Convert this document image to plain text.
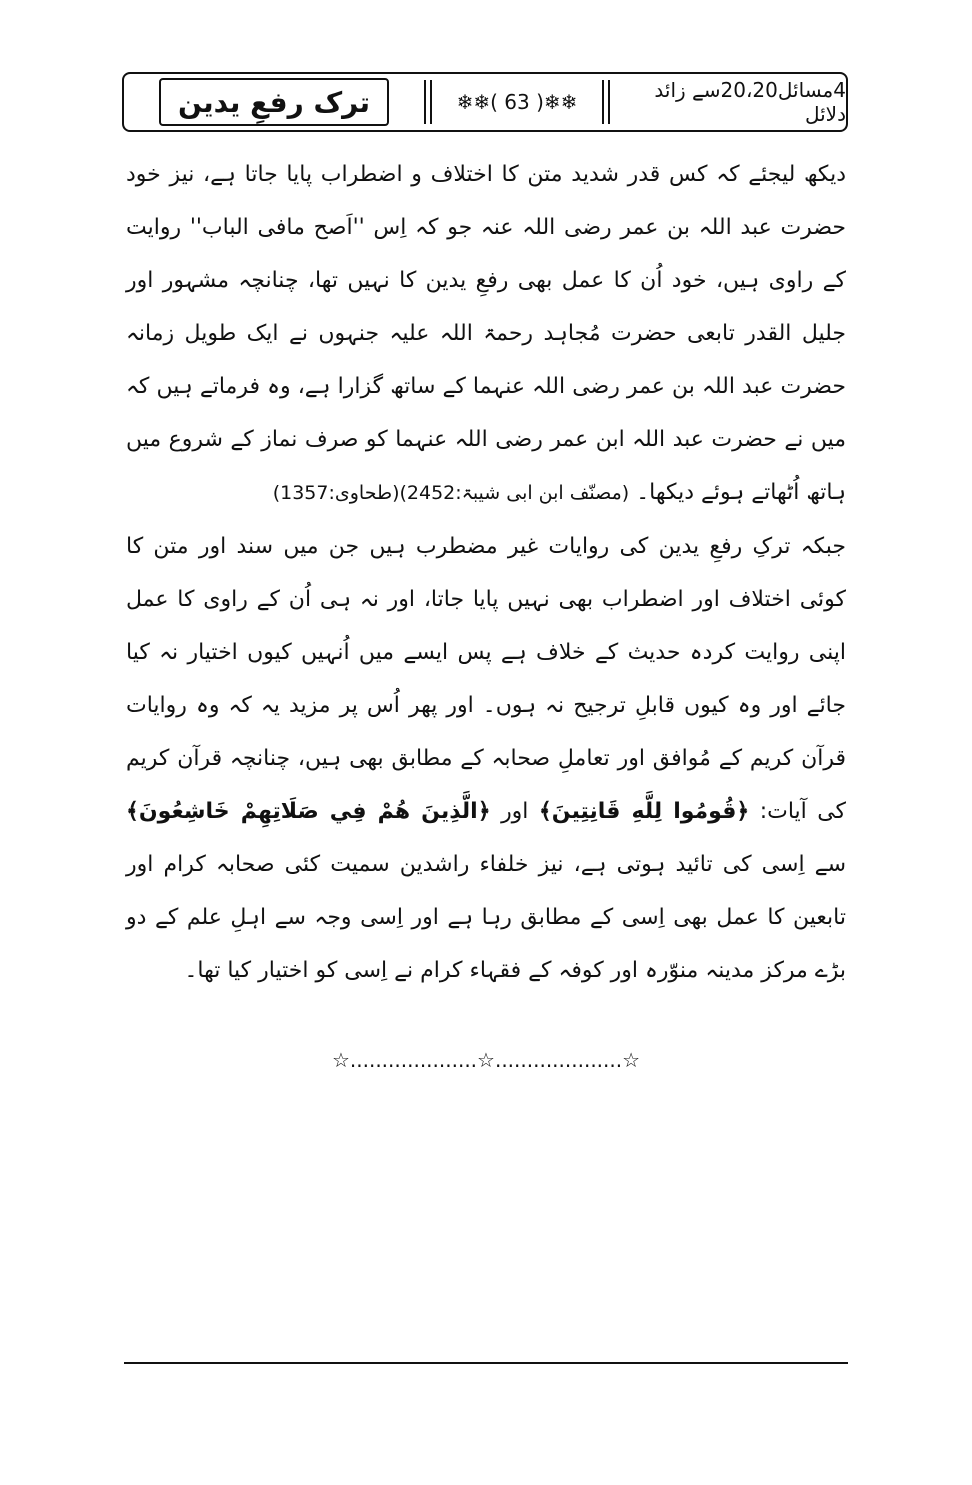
4مسائل20،20سے زائد دلائل
❄❄( 63 )❄❄
ترک رفعِ یدین

دیکھ لیجئے کہ کس قدر شدید متن کا اختلاف و اضطراب پایا جاتا ہے، نیز خود حضرت عبد اللہ بن عمر رضی اللہ عنہ جو کہ اِس ''اَصح مافی الباب'' روایت کے راوی ہیں، خود اُن کا عمل بھی رفعِ یدین کا نہیں تھا، چنانچہ مشہور اور جلیل القدر تابعی حضرت مُجاہد رحمۃ اللہ علیہ جنہوں نے ایک طویل زمانہ حضرت عبد اللہ بن عمر رضی اللہ عنہما کے ساتھ گزارا ہے، وہ فرماتے ہیں کہ میں نے حضرت عبد اللہ ابن عمر رضی اللہ عنہما کو صرف نماز کے شروع میں ہاتھ اُٹھاتے ہوئے دیکھا۔ (مصنّف ابن ابی شیبۃ:2452)(طحاوی:1357)

جبکہ ترکِ رفعِ یدین کی روایات غیر مضطرب ہیں جن میں سند اور متن کا کوئی اختلاف اور اضطراب بھی نہیں پایا جاتا، اور نہ ہی اُن کے راوی کا عمل اپنی روایت کردہ حدیث کے خلاف ہے پس ایسے میں اُنہیں کیوں اختیار نہ کیا جائے اور وہ کیوں قابلِ ترجیح نہ ہوں۔ اور پھر اُس پر مزید یہ کہ وہ روایات قرآن کریم کے مُوافق اور تعاملِ صحابہ کے مطابق بھی ہیں، چنانچہ قرآن کریم کی آیات: ﴿قُومُوا لِلَّهِ قَانِتِينَ﴾ اور ﴿الَّذِينَ هُمْ فِي صَلَاتِهِمْ خَاشِعُونَ﴾ سے اِسی کی تائید ہوتی ہے، نیز خلفاء راشدین سمیت کئی صحابہ کرام اور تابعین کا عمل بھی اِسی کے مطابق رہا ہے اور اِسی وجہ سے اہلِ علم کے دو بڑے مرکز مدینہ منوّرہ اور کوفہ کے فقہاء کرام نے اِسی کو اختیار کیا تھا۔

☆....................☆....................☆
